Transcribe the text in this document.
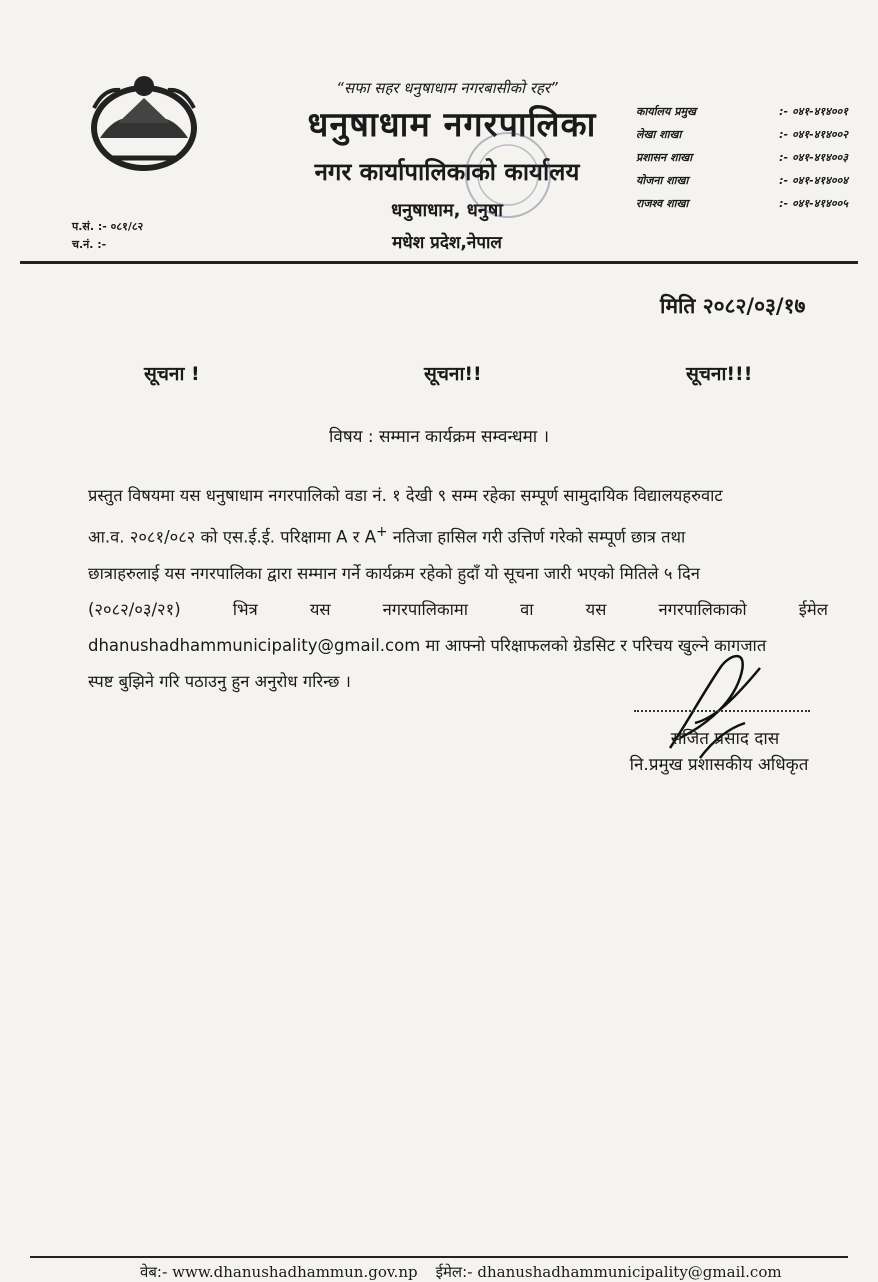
“सफा सहर धनुषाधाम नगरबासीको रहर”
धनुषाधाम नगरपालिका
नगर कार्यापालिकाको कार्यालय
धनुषाधाम, धनुषा
मधेश प्रदेश,नेपाल
प.सं. :- ०८१/८२
च.नं. :-
कार्यालय प्रमुख	:- ०४१-४१४००१
लेखा शाखा	:- ०४१-४१४००२
प्रशासन शाखा	:- ०४१-४१४००३
योजना शाखा	:- ०४१-४१४००४
राजश्व शाखा	:- ०४१-४१४००५
मिति २०८२/०३/१७
सूचना !	सूचना!!	सूचना!!!
विषय : सम्मान कार्यक्रम सम्वन्धमा ।

प्रस्तुत विषयमा यस धनुषाधाम नगरपालिको वडा नं. १ देखी ९ सम्म रहेका सम्पूर्ण सामुदायिक विद्यालयहरुवाट

आ.व. २०८१/०८२ को एस.ई.ई. परिक्षामा A र A+ नतिजा हासिल गरी उत्तिर्ण गरेको सम्पूर्ण छात्र तथा

छात्राहरुलाई यस नगरपालिका द्वारा सम्मान गर्ने कार्यक्रम रहेको हुदाँ यो सूचना जारी भएको मितिले ५ दिन

(२०८२/०३/२१)	भित्र	यस	नगरपालिकामा	वा	यस	नगरपालिकाको	ईमेल

dhanushadhammunicipality@gmail.com मा आफ्नो परिक्षाफलको ग्रेडसिट र परिचय खुल्ने कागजात

स्पष्ट बुझिने गरि पठाउनु हुन अनुरोध गरिन्छ ।

सजित प्रसाद दास
नि.प्रमुख प्रशासकीय अधिकृत
वेब:- www.dhanushadhammun.gov.np ईमेल:- dhanushadhammunicipality@gmail.com
